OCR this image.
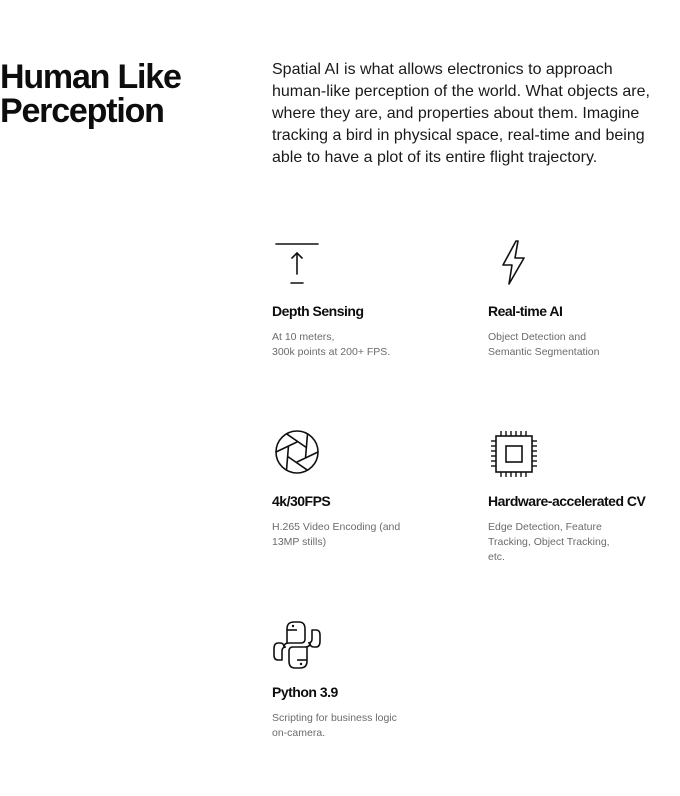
Human Like
Perception

Spatial AI is what allows electronics to approach human-like perception of the world. What objects are, where they are, and properties about them. Imagine tracking a bird in physical space, real-time and being able to have a plot of its entire flight trajectory.

Depth Sensing

At 10 meters,
300k points at 200+ FPS.

Real-time AI

Object Detection and
Semantic Segmentation

4k/30FPS

H.265 Video Encoding (and
13MP stills)

Hardware-accelerated CV

Edge Detection, Feature
Tracking, Object Tracking,
etc.

Python 3.9

Scripting for business logic
on-camera.
